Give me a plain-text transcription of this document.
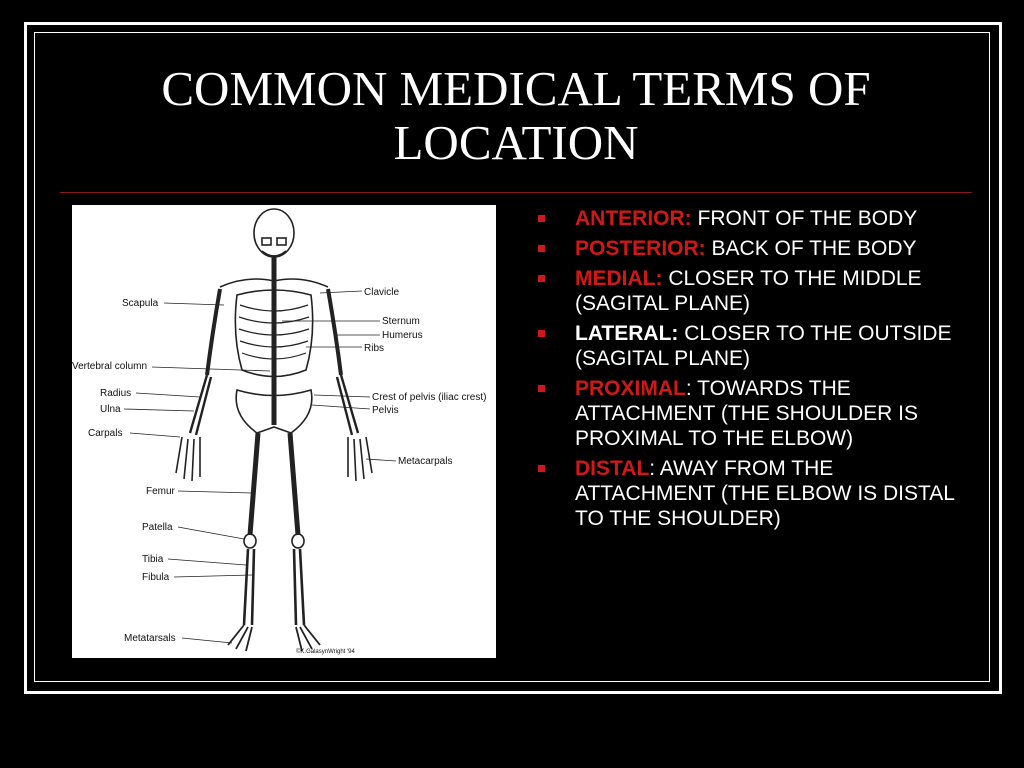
COMMON MEDICAL TERMS OF
LOCATION
Scapula
Vertebral column
Radius
Ulna
Carpals
Femur
Patella
Tibia
Fibula
Metatarsals
Clavicle
Sternum
Humerus
Ribs
Crest of pelvis (iliac crest)
Pelvis
Metacarpals
©K.GalasynWright '94
ANTERIOR: FRONT OF THE BODY
POSTERIOR: BACK OF THE BODY
MEDIAL: CLOSER TO THE MIDDLE (SAGITAL PLANE)
LATERAL: CLOSER TO THE OUTSIDE (SAGITAL PLANE)
PROXIMAL: TOWARDS THE ATTACHMENT (THE SHOULDER IS PROXIMAL TO THE ELBOW)
DISTAL: AWAY FROM THE ATTACHMENT (THE ELBOW IS DISTAL TO THE SHOULDER)
